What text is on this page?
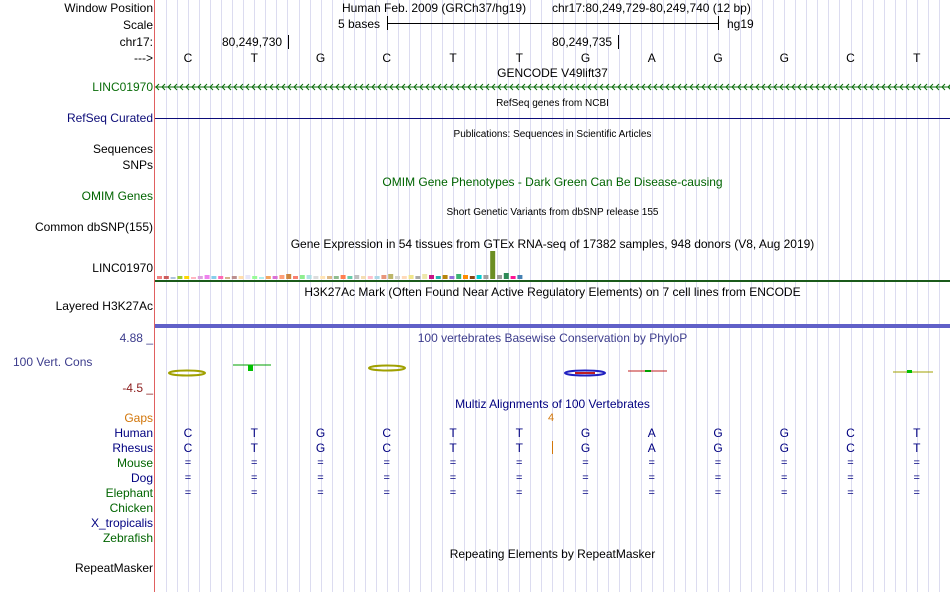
Window Position	Human Feb. 2009 (GRCh37/hg19) chr17:80,249,729-80,249,740 (12 bp)
Scale	5 bases	hg19
chr17:	80,249,730	80,249,735
--->	C	T	G	C	T	T	G	A	G	G	C	T
GENCODE V49lift37
LINC01970
RefSeq genes from NCBI
RefSeq Curated
Publications: Sequences in Scientific Articles
Sequences
SNPs
OMIM Gene Phenotypes - Dark Green Can Be Disease-causing
OMIM Genes
Short Genetic Variants from dbSNP release 155
Common dbSNP(155)
Gene Expression in 54 tissues from GTEx RNA-seq of 17382 samples, 948 donors (V8, Aug 2019)
LINC01970
H3K27Ac Mark (Often Found Near Active Regulatory Elements) on 7 cell lines from ENCODE
Layered H3K27Ac
100 vertebrates Basewise Conservation by PhyloP
4.88 _
100 Vert. Cons
-4.5 _
Multiz Alignments of 100 Vertebrates
Gaps	4
Human	C	T	G	C	T	T	G	A	G	G	C	T
Rhesus	C	T	G	C	T	T	G	A	G	G	C	T
Mouse	=	=	=	=	=	=	=	=	=	=	=	=
Dog	=	=	=	=	=	=	=	=	=	=	=	=
Elephant	=	=	=	=	=	=	=	=	=	=	=	=
Chicken
X_tropicalis
Zebrafish
Repeating Elements by RepeatMasker
RepeatMasker
